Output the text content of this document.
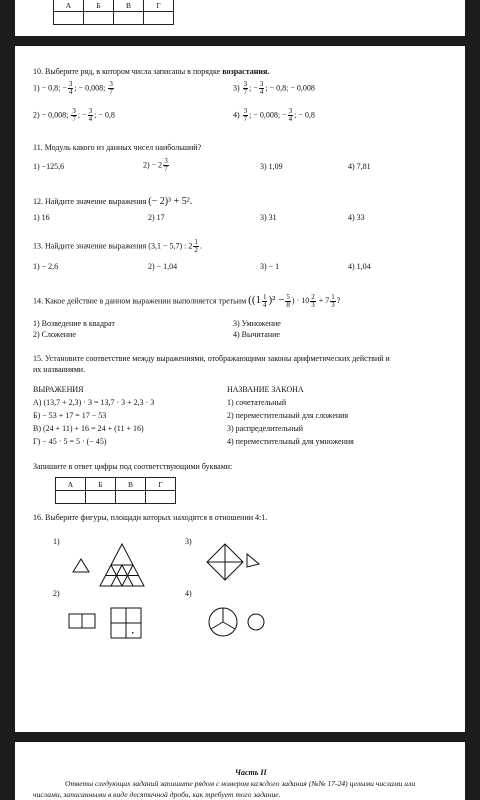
А	Б	В	Г

10. Выберите ряд, в котором числа записаны в порядке возрастания.
1) − 0,8; − $\frac{3}{4}$ ; − 0,008; $\frac{3}{7}$	$3) \frac{3}{7}$ ; − $\frac{3}{4}$ ; − 0,8; − 0,008
2) − 0,008; $\frac{3}{7}$ ; − $\frac{3}{4}$ ; − 0,8	$4) \frac{3}{7}$ ; − 0,008; − $\frac{3}{4}$ ; − 0,8
11. Модуль какого из данных чисел наибольший?
1) −125,6	$2) - 2 \frac{3}{7}$	3) 1,09	4) 7,81
12. Найдите значение выражения (− 2)³ + 5².
1) 16	2) 17	3) 31	4) 33
13. Найдите значение выражения (3,1 − 5,7) : $2 \frac{1}{2}$ .
1) − 2,6	2) − 1,04	3) − 1	4) 1,04
14. Какое действие в данном выражении выполняется третьим ($(1 \frac{1}{4} )^2 - \frac{5}{8}$ ) · $10 \frac{2}{3} + 7 \frac{1}{3}$ ?
1) Возведение в квадрат	3) Умножение
2) Сложение	4) Вычитание
15. Установите соответствие между выражениями, отображающими законы арифметических действий и
их названиями.
ВЫРАЖЕНИЯ	НАЗВАНИЕ ЗАКОНА
А) (13,7 + 2,3) · 3 = 13,7 · 3 + 2,3 · 3
Б) − 53 + 17 = 17 − 53
В) (24 + 11) + 16 = 24 + (11 + 16)
Г) − 45 · 5 = 5 · (− 45)
1) сочетательный
2) переместительный для сложения
3) распределительный
4) переместительный для умножения
Запишите в ответ цифры под соответствующими буквами:
А	Б	В	Г

16. Выберите фигуры, площади которых находятся в отношении 4:1.
1)	3)
2)	4)
Часть II
Ответы следующих заданий запишите рядом с номером каждого задания (№№ 17-24) целыми числами или
числами, записанными в виде десятичной дроби, как требует того задание.
